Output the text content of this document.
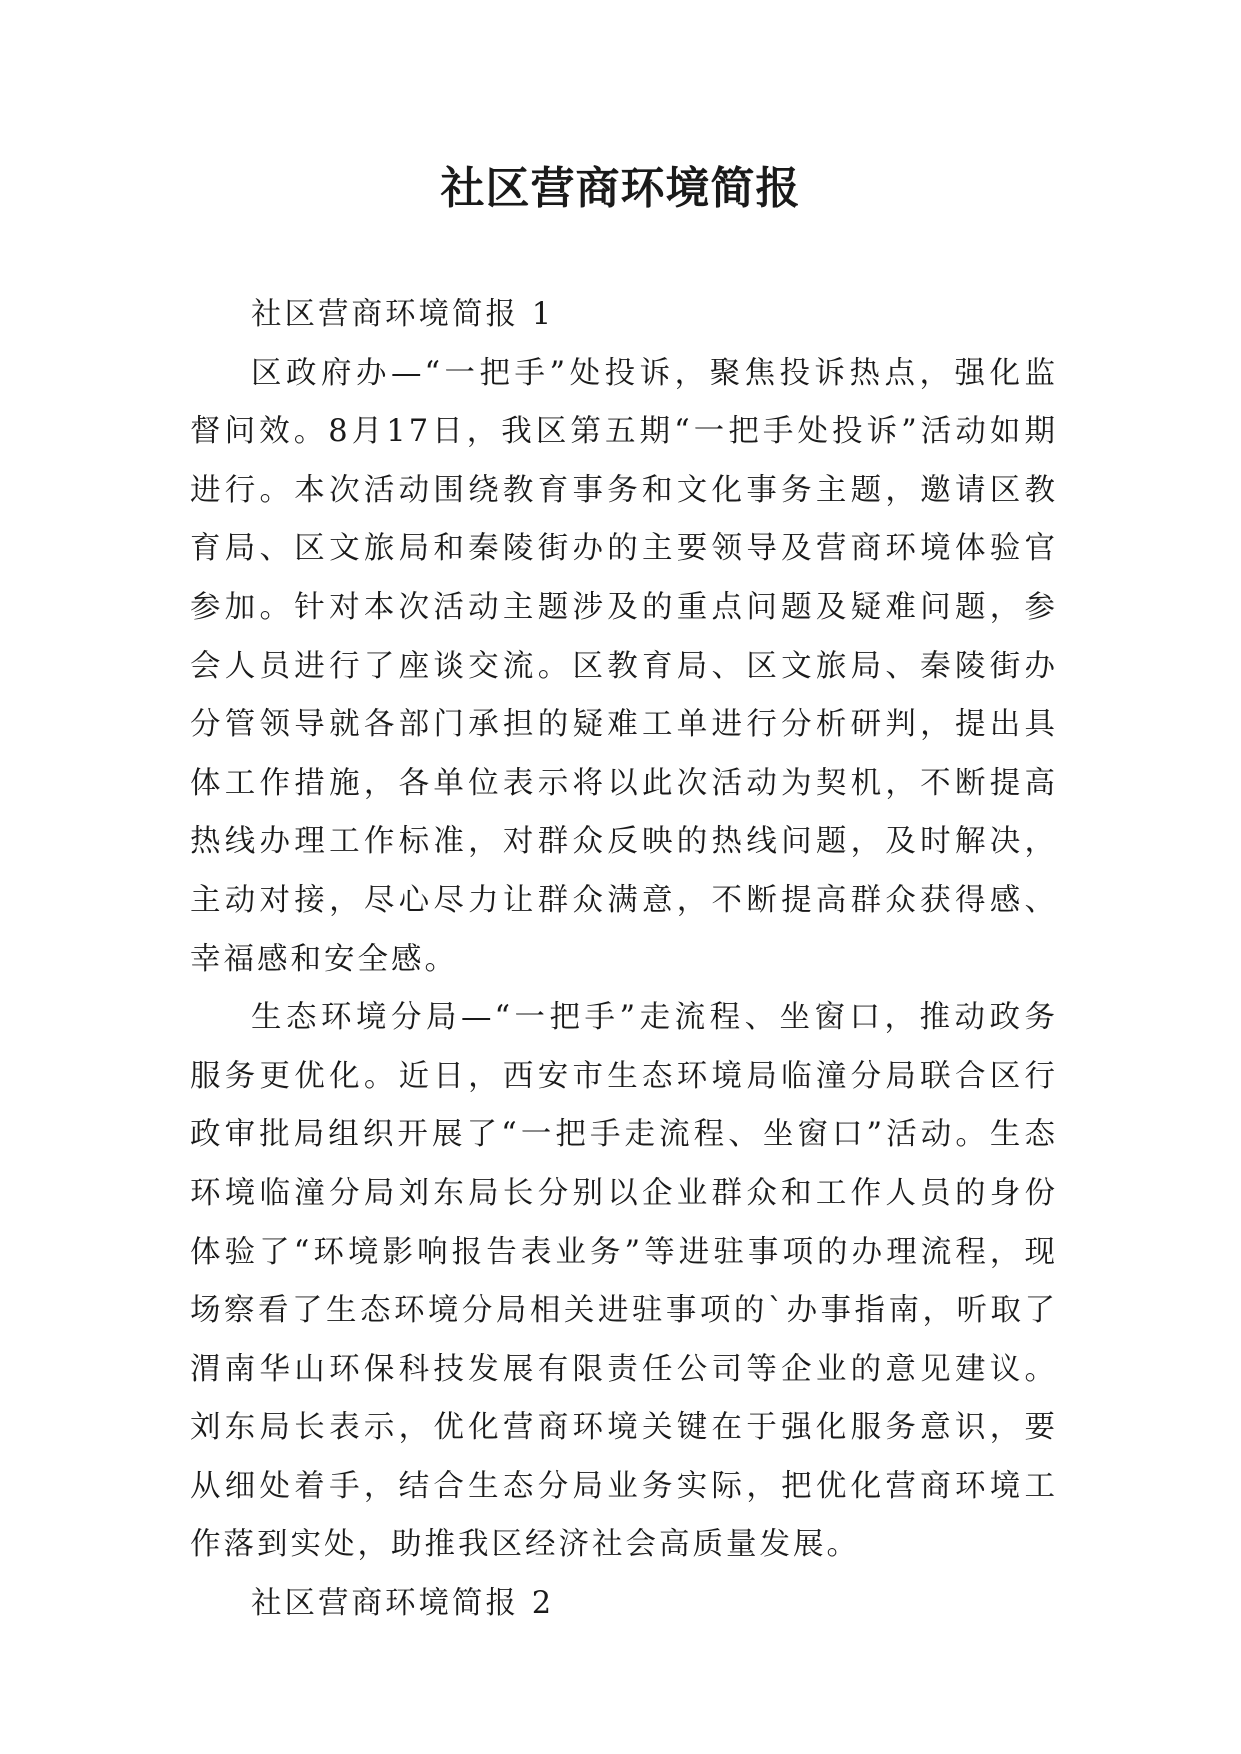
社区营商环境简报

社区营商环境简报 1

区政府办—“一把手”处投诉，聚焦投诉热点，强化监督问效。8月17日，我区第五期“一把手处投诉”活动如期进行。本次活动围绕教育事务和文化事务主题，邀请区教育局、区文旅局和秦陵街办的主要领导及营商环境体验官参加。针对本次活动主题涉及的重点问题及疑难问题，参会人员进行了座谈交流。区教育局、区文旅局、秦陵街办分管领导就各部门承担的疑难工单进行分析研判，提出具体工作措施，各单位表示将以此次活动为契机，不断提高热线办理工作标准，对群众反映的热线问题，及时解决，主动对接，尽心尽力让群众满意，不断提高群众获得感、幸福感和安全感。

生态环境分局—“一把手”走流程、坐窗口，推动政务服务更优化。近日，西安市生态环境局临潼分局联合区行政审批局组织开展了“一把手走流程、坐窗口”活动。生态环境临潼分局刘东局长分别以企业群众和工作人员的身份体验了“环境影响报告表业务”等进驻事项的办理流程，现场察看了生态环境分局相关进驻事项的`办事指南，听取了渭南华山环保科技发展有限责任公司等企业的意见建议。刘东局长表示，优化营商环境关键在于强化服务意识，要从细处着手，结合生态分局业务实际，把优化营商环境工作落到实处，助推我区经济社会高质量发展。

社区营商环境简报 2
